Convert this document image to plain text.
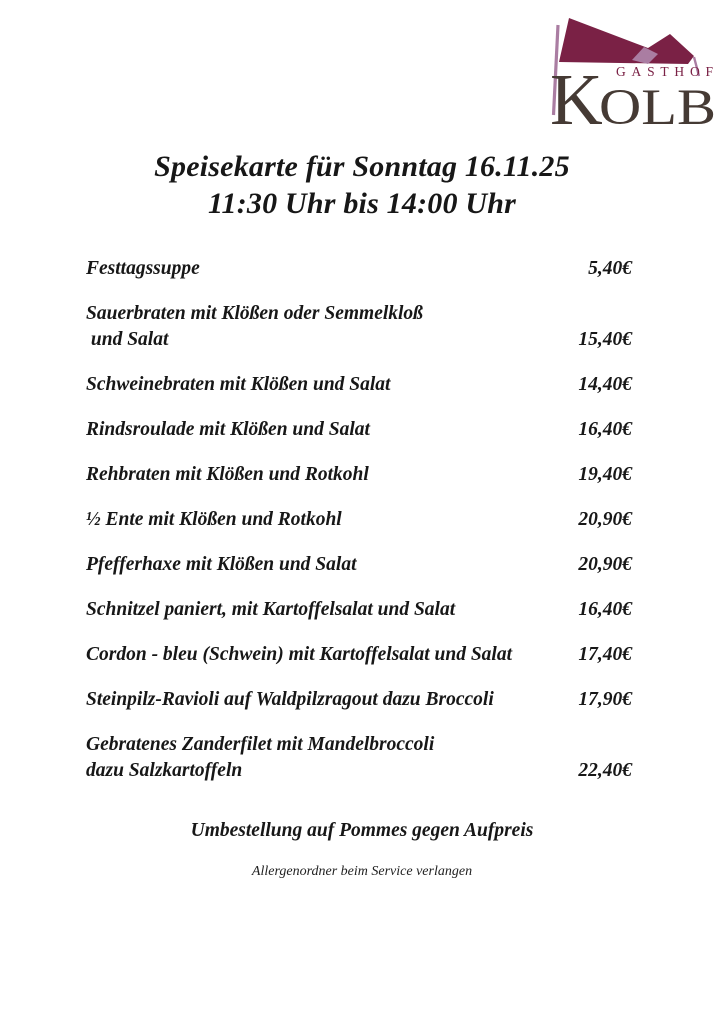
GASTHOF
K
OLB
Speisekarte für Sonntag 16.11.25
11:30 Uhr bis 14:00 Uhr
Festtagssuppe	5,40€
Sauerbraten mit Klößen oder Semmelkloß
und Salat	15,40€
Schweinebraten mit Klößen und Salat	14,40€
Rindsroulade mit Klößen und Salat	16,40€
Rehbraten mit Klößen und Rotkohl	19,40€
½ Ente mit Klößen und Rotkohl	20,90€
Pfefferhaxe mit Klößen und Salat	20,90€
Schnitzel paniert, mit Kartoffelsalat und Salat	16,40€
Cordon - bleu (Schwein) mit Kartoffelsalat und Salat	17,40€
Steinpilz-Ravioli auf Waldpilzragout dazu Broccoli	17,90€
Gebratenes Zanderfilet mit Mandelbroccoli
dazu Salzkartoffeln	22,40€
Umbestellung auf Pommes gegen Aufpreis
Allergenordner beim Service verlangen
